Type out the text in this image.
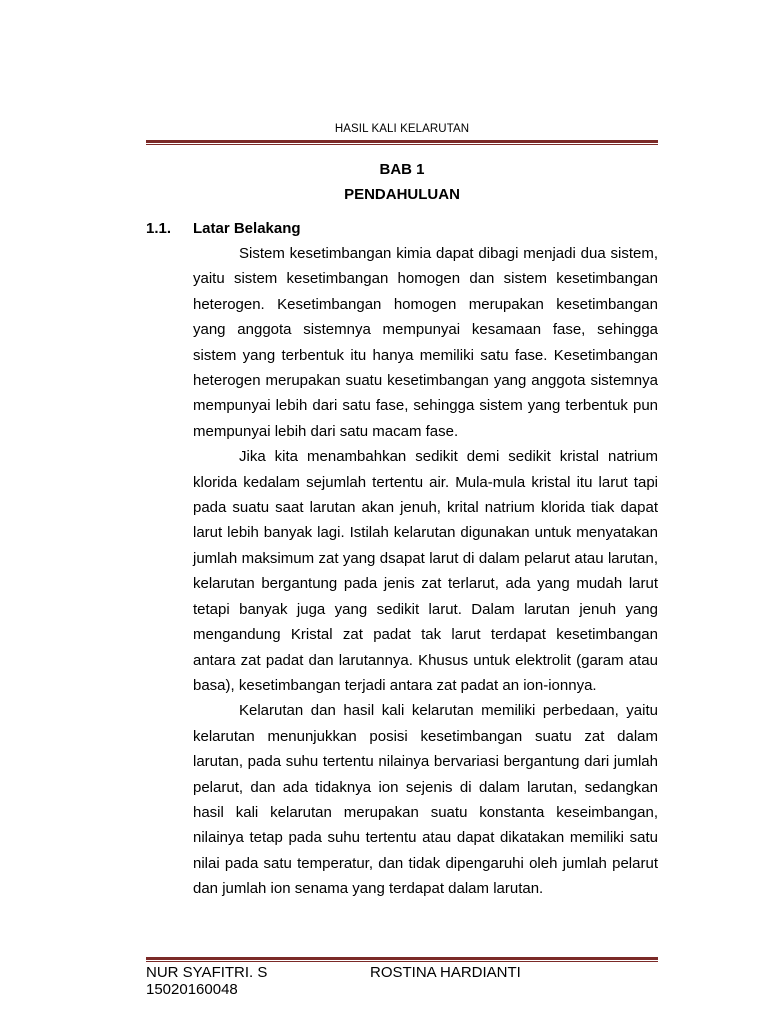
HASIL KALI KELARUTAN
BAB 1
PENDAHULUAN
1.1. Latar Belakang

Sistem kesetimbangan kimia dapat dibagi menjadi dua sistem, yaitu sistem kesetimbangan homogen dan sistem kesetimbangan heterogen. Kesetimbangan homogen merupakan kesetimbangan yang anggota sistemnya mempunyai kesamaan fase, sehingga sistem yang terbentuk itu hanya memiliki satu fase. Kesetimbangan heterogen merupakan suatu kesetimbangan yang anggota sistemnya mempunyai lebih dari satu fase, sehingga sistem yang terbentuk pun mempunyai lebih dari satu macam fase.

Jika kita menambahkan sedikit demi sedikit kristal natrium klorida kedalam sejumlah tertentu air. Mula-mula kristal itu larut tapi pada suatu saat larutan akan jenuh, krital natrium klorida tiak dapat larut lebih banyak lagi. Istilah kelarutan digunakan untuk menyatakan jumlah maksimum zat yang dsapat larut di dalam pelarut atau larutan, kelarutan bergantung pada jenis zat terlarut, ada yang mudah larut tetapi banyak juga yang sedikit larut. Dalam larutan jenuh yang mengandung Kristal zat padat tak larut terdapat kesetimbangan antara zat padat dan larutannya. Khusus untuk elektrolit (garam atau basa), kesetimbangan terjadi antara zat padat an ion-ionnya.

Kelarutan dan hasil kali kelarutan memiliki perbedaan, yaitu kelarutan menunjukkan posisi kesetimbangan suatu zat dalam larutan, pada suhu tertentu nilainya bervariasi bergantung dari jumlah pelarut, dan ada tidaknya ion sejenis di dalam larutan, sedangkan hasil kali kelarutan merupakan suatu konstanta keseimbangan, nilainya tetap pada suhu tertentu atau dapat dikatakan memiliki satu nilai pada satu temperatur, dan tidak dipengaruhi oleh jumlah pelarut dan jumlah ion senama yang terdapat dalam larutan.

NUR SYAFITRI. S	ROSTINA HARDIANTI
15020160048
